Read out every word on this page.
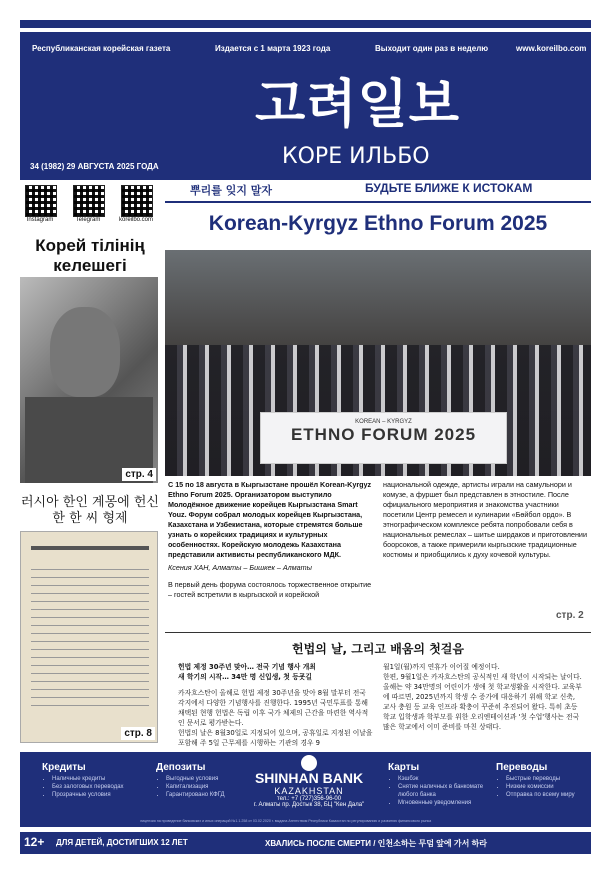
Республиканская корейская газета	Издается с 1 марта 1923 года	Выходит один раз в неделю	www.koreilbo.com
고려일보
КОРЕ ИЛЬБО
34 (1982) 29 АВГУСТА 2025 ГОДА
뿌리를 잊지 말자	БУДЬТЕ БЛИЖЕ К ИСТОКАМ
Instagram	Telegram	koreilbo.com
Корей тілінің келешегі
стр. 4
러시아 한인 계몽에 헌신한 한 씨 형제
стр. 8
Korean-Kyrgyz Ethno Forum 2025
KOREAN – KYRGYZ
ETHNO FORUM 2025
С 15 по 18 августа в Кыргызстане прошёл Korean-Kyrgyz Ethno Forum 2025. Организатором выступило Молодёжное движение корейцев Кыргызстана Smart Youz. Форум собрал молодых корейцев Кыргызстана, Казахстана и Узбекистана, которые стремятся больше узнать о корейских традициях и культурных особенностях. Корейскую молодежь Казахстана представили активисты республиканского МДК.
Ксения ХАН, Алматы – Бишкек – Алматы
В первый день форума состоялось торжественное открытие – гостей встретили в кыргызской и корейской
национальной одежде, артисты играли на самульнори и комузе, а фуршет был представлен в этностиле. После официального мероприятия и знакомства участники посетили Центр ремесел и кулинарии «Бөйбол ордо». В этнографическом комплексе ребята попробовали себя в национальных ремеслах – шитье ширдаков и приготовлении боорсоков, а также примерили кыргызские традиционные костюмы и приобщились к духу кочевой культуры.
стр. 2
헌법의 날, 그리고 배움의 첫걸음
헌법 제정 30주년 맞아… 전국 기념 행사 개최
새 학기의 시작… 34만 명 신입생, 첫 등굣길
카자흐스탄이 올해로 헌법 제정 30주년을 맞아 8월 말부터 전국 각지에서 다양한 기념행사를 진행한다. 1995년 국민투표를 통해 채택된 현행 헌법은 독립 이후 국가 체제의 근간을 마련한 역사적인 문서로 평가받는다.
헌법의 날은 8월30일로 지정되어 있으며, 공휴일로 지정된 이날을 포함해 주 5일 근무제를 시행하는 기관의 경우 9
월1일(월)까지 연휴가 이어질 예정이다.
한편, 9월1일은 카자흐스탄의 공식적인 새 학년이 시작되는 날이다. 올해는 약 34만명의 어린이가 생애 첫 학교생활을 시작한다. 교육부에 따르면, 2025년까지 학생 수 증가에 대응하기 위해 학교 신축, 교사 충원 등 교육 인프라 확충이 꾸준히 추진되어 왔다. 특히 초등학교 입학생과 학부모를 위한 오리엔테이션과 '첫 수업'행사는 전국 많은 학교에서 이미 준비를 마친 상태다.
Кредиты
• Наличные кредиты
• Без залоговых переводах
• Прозрачные условия
Депозиты
• Выгодные условия
• Капитализация
• Гарантировано КФГД
SHINHAN BANK
KAZAKHSTAN
тел.: +7 (727)356-96-00
г. Алматы пр. Достык 38, БЦ "Кен Дала"
Карты
• Кэшбэк
• Снятие наличных в банкомате любого банка
• Мгновенные уведомления
Переводы
• Быстрые переводы
• Низкие комиссии
• Отправка по всему миру
лицензия на проведение банковских и иных операций №1.1.258 от 03.02.2020 г. выдана Агентством Республики Казахстан по регулированию и развитию финансового рынка
12+ ДЛЯ ДЕТЕЙ, ДОСТИГШИХ 12 ЛЕТ	ХВАЛИСЬ ПОСЛЕ СМЕРТИ / 인천소하는 무덤 앞에 가서 하라
